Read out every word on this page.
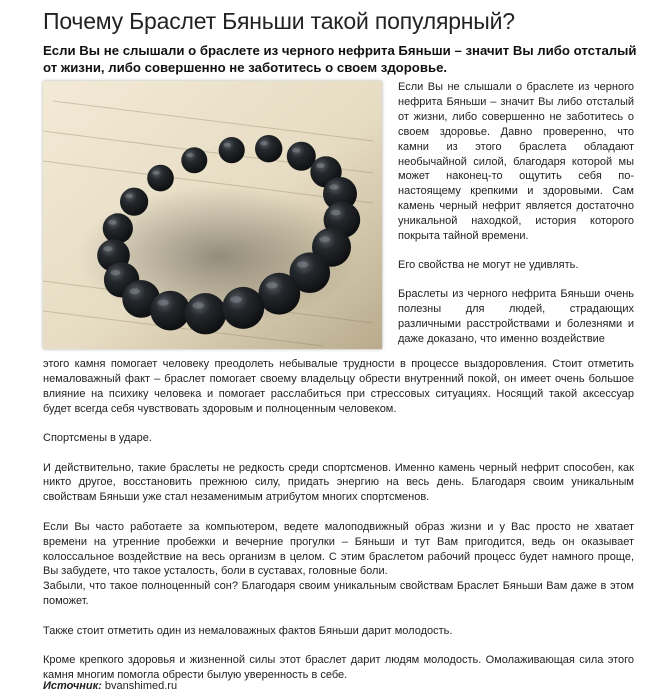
Почему Браслет Бяньши такой популярный?

Если Вы не слышали о браслете из черного нефрита Бяньши – значит Вы либо отсталый от жизни, либо совершенно не заботитесь о своем здоровье.

Если Вы не слышали о браслете из черного нефрита Бяньши – значит Вы либо отсталый от жизни, либо совершенно не заботитесь о своем здоровье. Давно проверенно, что камни из этого браслета обладают необычайной силой, благодаря которой мы может наконец-то ощутить себя по-настоящему крепкими и здоровыми. Сам камень черный нефрит является достаточно уникальной находкой, история которого покрыта тайной времени.

Его свойства не могут не удивлять.

Браслеты из черного нефрита Бяньши очень полезны для людей, страдающих различными расстройствами и болезнями и даже доказано, что именно воздействие

этого камня помогает человеку преодолеть небывалые трудности в процессе выздоровления. Стоит отметить немаловажный факт – браслет помогает своему владельцу обрести внутренний покой, он имеет очень большое влияние на психику человека и помогает расслабиться при стрессовых ситуациях. Носящий такой аксессуар будет всегда себя чувствовать здоровым и полноценным человеком.

Спортсмены в ударе.

И действительно, такие браслеты не редкость среди спортсменов. Именно камень черный нефрит способен, как никто другое, восстановить прежнюю силу, придать энергию на весь день. Благодаря своим уникальным свойствам Бяньши уже стал незаменимым атрибутом многих спортсменов.

Если Вы часто работаете за компьютером, ведете малоподвижный образ жизни и у Вас просто не хватает времени на утренние пробежки и вечерние прогулки – Бяньши и тут Вам пригодится, ведь он оказывает колоссальное воздействие на весь организм в целом. С этим браслетом рабочий процесс будет намного проще, Вы забудете, что такое усталость, боли в суставах, головные боли.

Забыли, что такое полноценный сон? Благодаря своим уникальным свойствам Браслет Бяньши Вам даже в этом поможет.

Также стоит отметить один из немаловажных фактов Бяньши дарит молодость.

Кроме крепкого здоровья и жизненной силы этот браслет дарит людям молодость. Омолаживающая сила этого камня многим помогла обрести былую уверенность в себе.

Источник: bvanshimed.ru
